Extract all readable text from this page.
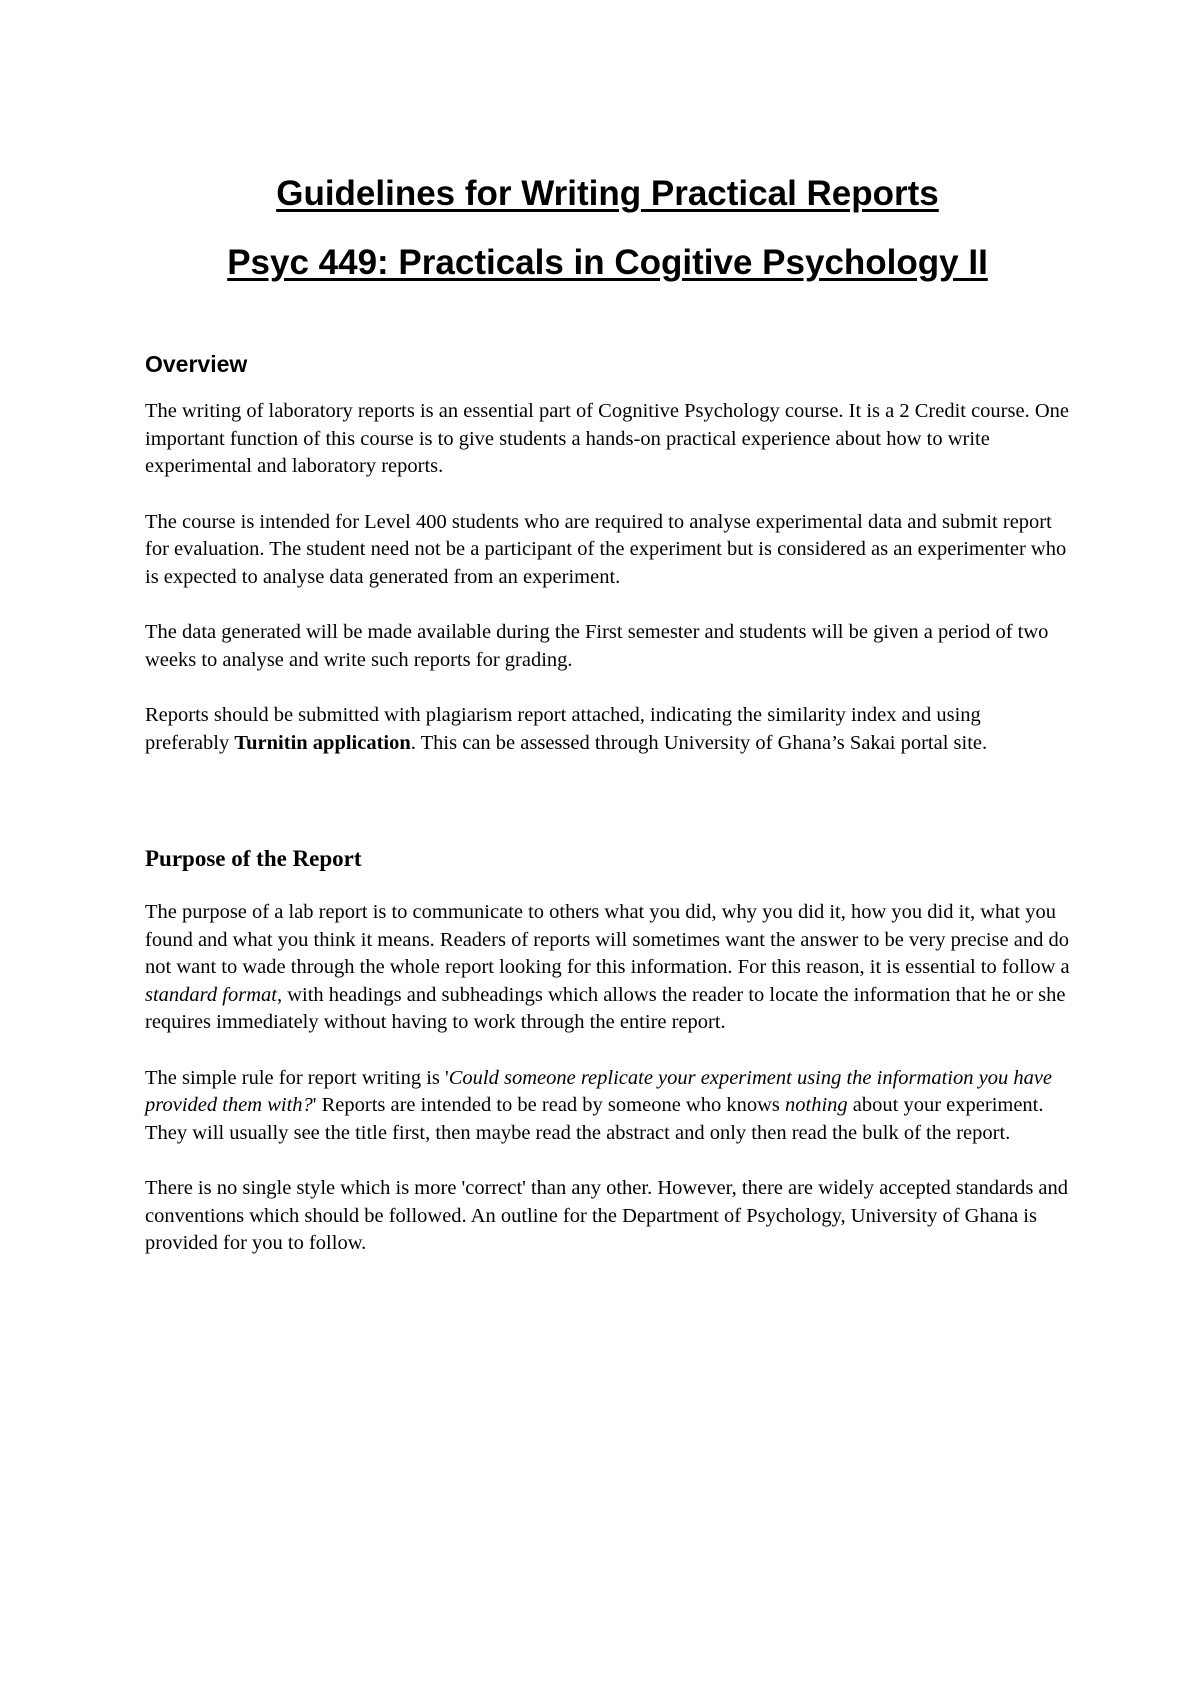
Guidelines for Writing Practical Reports
Psyc 449: Practicals in Cogitive Psychology II
Overview

The writing of laboratory reports is an essential part of Cognitive Psychology course. It is a 2 Credit course. One important function of this course is to give students a hands-on practical experience about how to write experimental and laboratory reports.

The course is intended for Level 400 students who are required to analyse experimental data and submit report for evaluation. The student need not be a participant of the experiment but is considered as an experimenter who is expected to analyse data generated from an experiment.

The data generated will be made available during the First semester and students will be given a period of two weeks to analyse and write such reports for grading.

Reports should be submitted with plagiarism report attached, indicating the similarity index and using preferably Turnitin application. This can be assessed through University of Ghana’s Sakai portal site.

Purpose of the Report

The purpose of a lab report is to communicate to others what you did, why you did it, how you did it, what you found and what you think it means. Readers of reports will sometimes want the answer to be very precise and do not want to wade through the whole report looking for this information. For this reason, it is essential to follow a standard format, with headings and subheadings which allows the reader to locate the information that he or she requires immediately without having to work through the entire report.

The simple rule for report writing is 'Could someone replicate your experiment using the information you have provided them with?' Reports are intended to be read by someone who knows nothing about your experiment. They will usually see the title first, then maybe read the abstract and only then read the bulk of the report.

There is no single style which is more 'correct' than any other. However, there are widely accepted standards and conventions which should be followed. An outline for the Department of Psychology, University of Ghana is provided for you to follow.
